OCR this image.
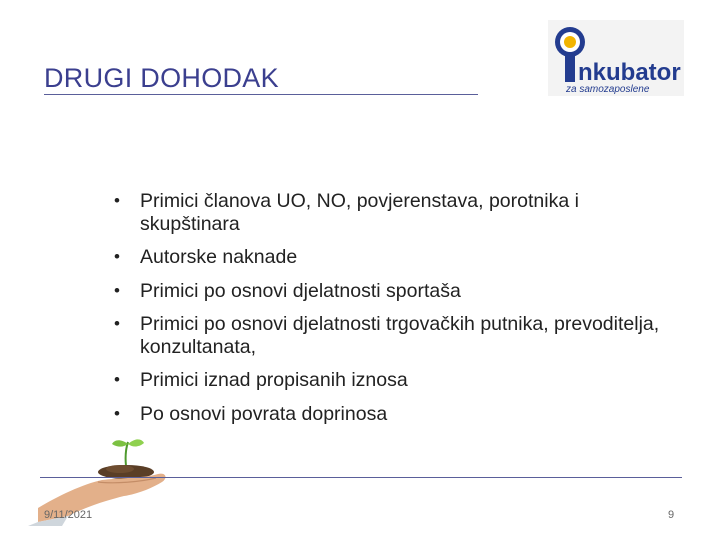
DRUGI DOHODAK	nkubator
za samozaposlene
• Primici članova UO, NO, povjerenstava, porotnika i skupštinara
• Autorske naknade
• Primici po osnovi djelatnosti sportaša
• Primici po osnovi djelatnosti trgovačkih putnika, prevoditelja, konzultanata,
• Primici iznad propisanih iznosa
• Po osnovi povrata doprinosa
9/11/2021	9
